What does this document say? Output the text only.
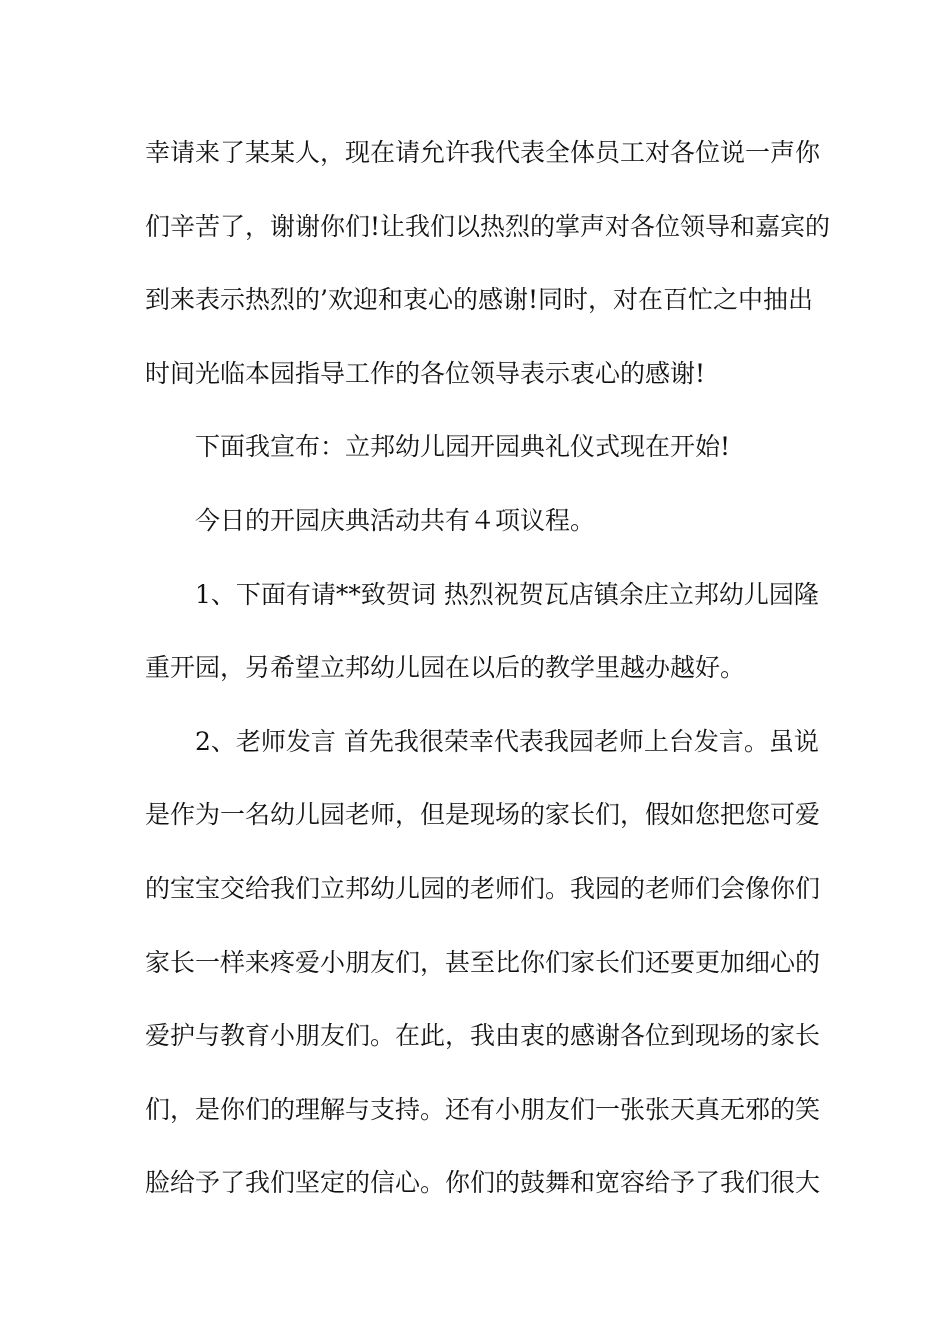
幸请来了某某人，现在请允许我代表全体员工对各位说一声你
们辛苦了，谢谢你们!让我们以热烈的掌声对各位领导和嘉宾的
到来表示热烈的’欢迎和衷心的感谢!同时，对在百忙之中抽出
时间光临本园指导工作的各位领导表示衷心的感谢!
下面我宣布：立邦幼儿园开园典礼仪式现在开始!
今日的开园庆典活动共有４项议程。
1、下面有请**致贺词 热烈祝贺瓦店镇余庄立邦幼儿园隆
重开园，另希望立邦幼儿园在以后的教学里越办越好。
2、老师发言 首先我很荣幸代表我园老师上台发言。虽说
是作为一名幼儿园老师，但是现场的家长们，假如您把您可爱
的宝宝交给我们立邦幼儿园的老师们。我园的老师们会像你们
家长一样来疼爱小朋友们，甚至比你们家长们还要更加细心的
爱护与教育小朋友们。在此，我由衷的感谢各位到现场的家长
们，是你们的理解与支持。还有小朋友们一张张天真无邪的笑
脸给予了我们坚定的信心。你们的鼓舞和宽容给予了我们很大
